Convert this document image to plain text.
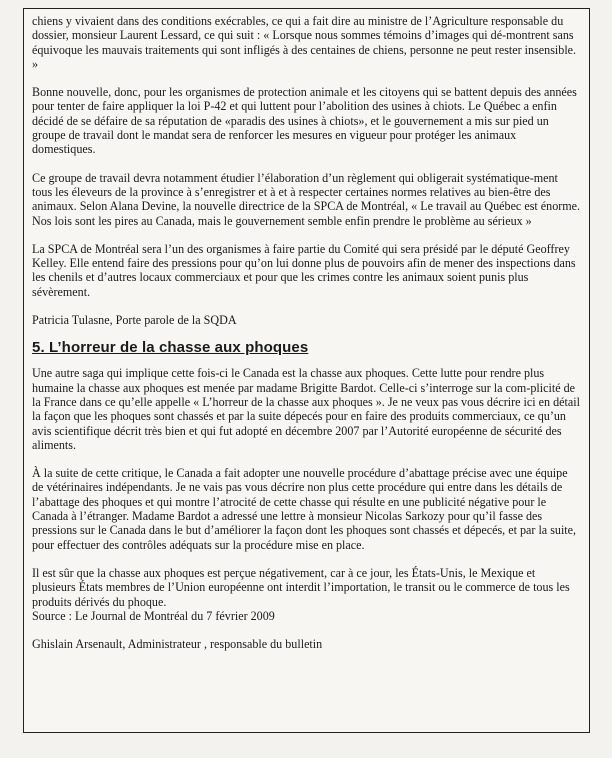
chiens y vivaient dans des conditions exécrables, ce qui a fait dire au ministre de l’Agriculture responsable du dossier, monsieur Laurent Lessard, ce qui suit : « Lorsque nous sommes témoins d’images qui dé-montrent sans équivoque les mauvais traitements qui sont infligés à des centaines de chiens, personne ne peut rester insensible. »

Bonne nouvelle, donc, pour les organismes de protection animale et les citoyens qui se battent depuis des années pour tenter de faire appliquer la loi P-42 et qui luttent pour l’abolition des usines à chiots. Le Québec a enfin décidé de se défaire de sa réputation de «paradis des usines à chiots», et le gouvernement a mis sur pied un groupe de travail dont le mandat sera de renforcer les mesures en vigueur pour protéger les animaux domestiques.

Ce groupe de travail devra notamment étudier l’élaboration d’un règlement qui obligerait systématique-ment tous les éleveurs de la province à s’enregistrer et à et à respecter certaines normes relatives au bien-être des animaux. Selon Alana Devine, la nouvelle directrice de la SPCA de Montréal, « Le travail au Québec est énorme. Nos lois sont les pires au Canada, mais le gouvernement semble enfin prendre le problème au sérieux »

La SPCA de Montréal sera l’un des organismes à faire partie du Comité qui sera présidé par le député Geoffrey Kelley. Elle entend faire des pressions pour qu’on lui donne plus de pouvoirs afin de mener des inspections dans les chenils et d’autres locaux commerciaux et pour que les crimes contre les animaux soient punis plus sévèrement.

Patricia Tulasne, Porte parole de la SQDA

5. L’horreur de la chasse aux phoques

Une autre saga qui implique cette fois-ci le Canada est la chasse aux phoques. Cette lutte pour rendre plus humaine la chasse aux phoques est menée par madame Brigitte Bardot. Celle-ci s’interroge sur la com-plicité de la France dans ce qu’elle appelle « L’horreur de la chasse aux phoques ». Je ne veux pas vous décrire ici en détail la façon que les phoques sont chassés et par la suite dépecés pour en faire des produits commerciaux, ce qu’un avis scientifique décrit très bien et qui fut adopté en décembre 2007 par l’Autorité européenne de sécurité des aliments.

À la suite de cette critique, le Canada a fait adopter une nouvelle procédure d’abattage précise avec une équipe de vétérinaires indépendants. Je ne vais pas vous décrire non plus cette procédure qui entre dans les détails de l’abattage des phoques et qui montre l’atrocité de cette chasse qui résulte en une publicité négative pour le Canada à l’étranger. Madame Bardot a adressé une lettre à monsieur Nicolas Sarkozy pour qu’il fasse des pressions sur le Canada dans le but d’améliorer la façon dont les phoques sont chassés et dépecés, et par la suite, pour effectuer des contrôles adéquats sur la procédure mise en place.

Il est sûr que la chasse aux phoques est perçue négativement, car à ce jour, les États-Unis, le Mexique et plusieurs États membres de l’Union européenne ont interdit l’importation, le transit ou le commerce de tous les produits dérivés du phoque.

Source : Le Journal de Montréal du 7 février 2009

Ghislain Arsenault, Administrateur , responsable du bulletin
